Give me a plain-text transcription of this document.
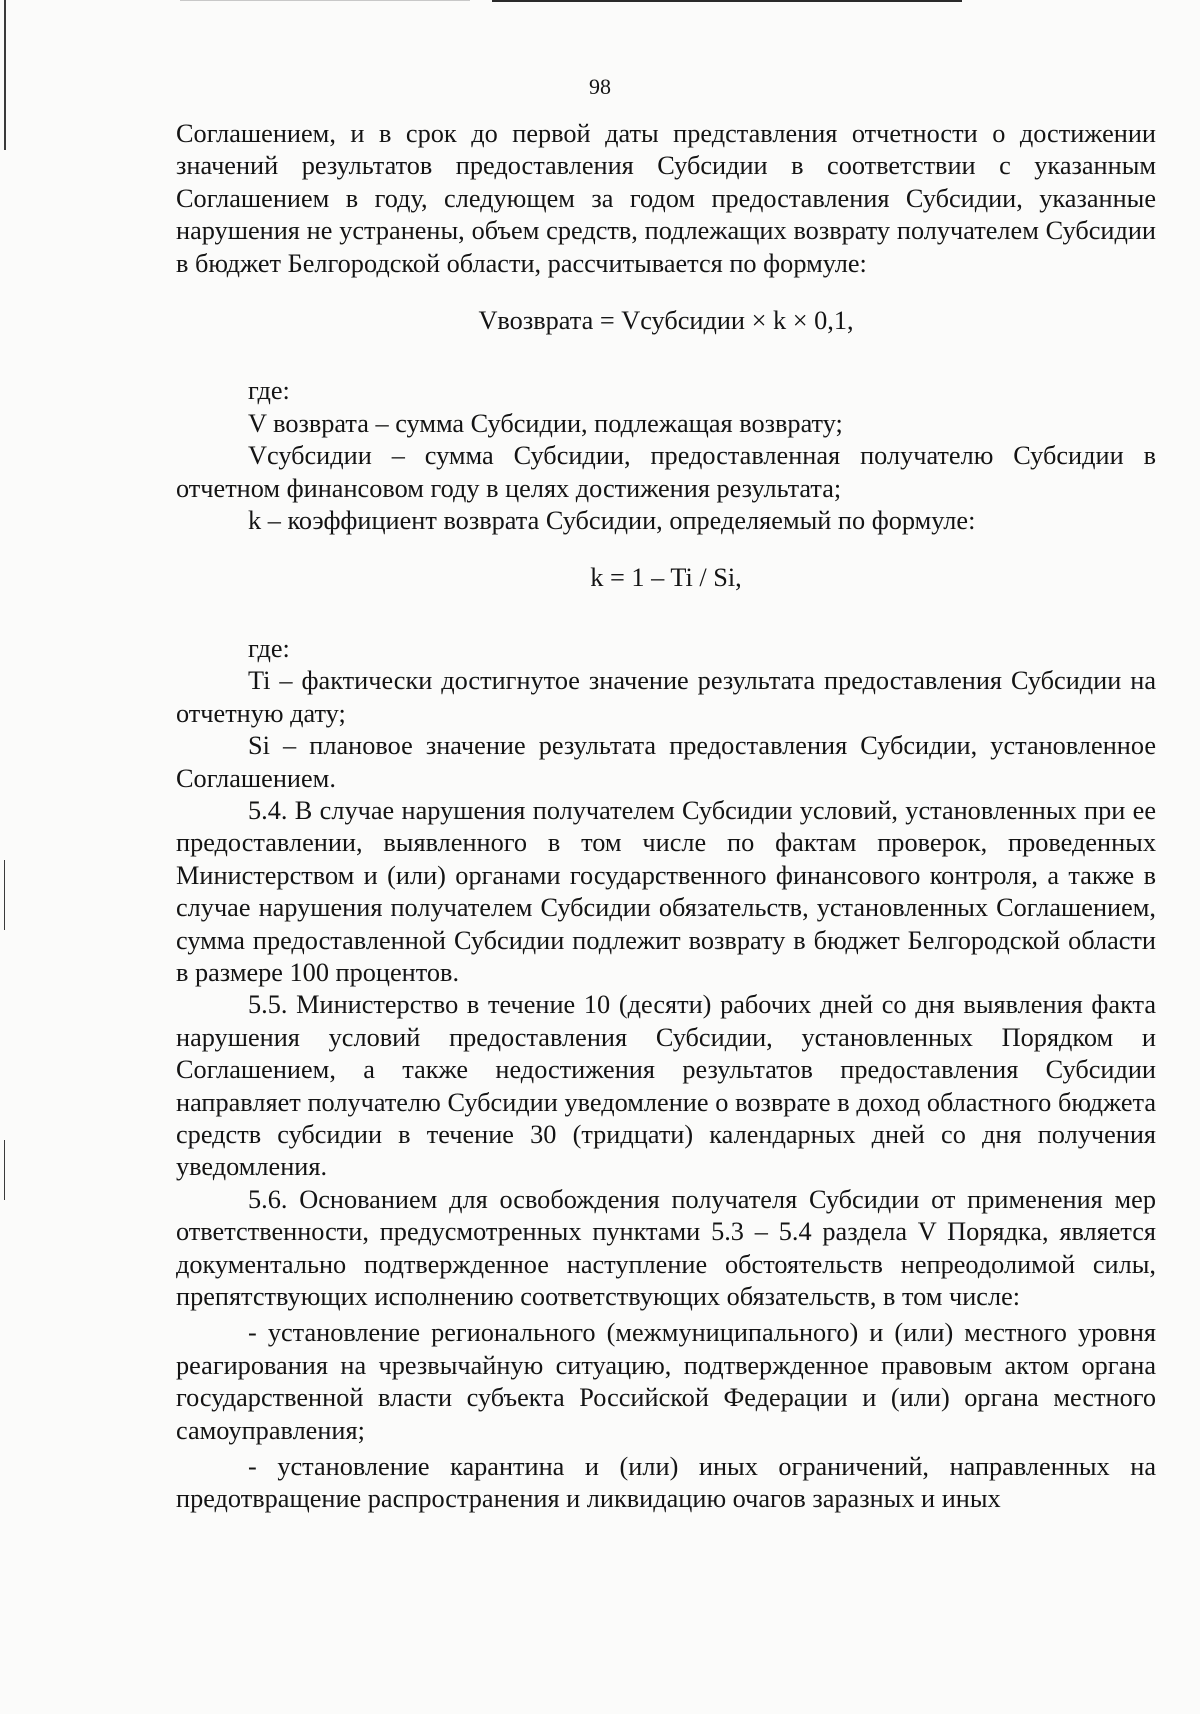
98

Соглашением, и в срок до первой даты представления отчетности о достижении значений результатов предоставления Субсидии в соответствии с указанным Соглашением в году, следующем за годом предоставления Субсидии, указанные нарушения не устранены, объем средств, подлежащих возврату получателем Субсидии в бюджет Белгородской области, рассчитывается по формуле:

Vвозврата = Vсубсидии × k × 0,1,

где:

V возврата – сумма Субсидии, подлежащая возврату;

Vсубсидии – сумма Субсидии, предоставленная получателю Субсидии в отчетном финансовом году в целях достижения результата;

k – коэффициент возврата Субсидии, определяемый по формуле:

k = 1 – Ti / Si,

где:

Ti – фактически достигнутое значение результата предоставления Субсидии на отчетную дату;

Si – плановое значение результата предоставления Субсидии, установленное Соглашением.

5.4. В случае нарушения получателем Субсидии условий, установленных при ее предоставлении, выявленного в том числе по фактам проверок, проведенных Министерством и (или) органами государственного финансового контроля, а также в случае нарушения получателем Субсидии обязательств, установленных Соглашением, сумма предоставленной Субсидии подлежит возврату в бюджет Белгородской области в размере 100 процентов.

5.5. Министерство в течение 10 (десяти) рабочих дней со дня выявления факта нарушения условий предоставления Субсидии, установленных Порядком и Соглашением, а также недостижения результатов предоставления Субсидии направляет получателю Субсидии уведомление о возврате в доход областного бюджета средств субсидии в течение 30 (тридцати) календарных дней со дня получения уведомления.

5.6. Основанием для освобождения получателя Субсидии от применения мер ответственности, предусмотренных пунктами 5.3 – 5.4 раздела V Порядка, является документально подтвержденное наступление обстоятельств непреодолимой силы, препятствующих исполнению соответствующих обязательств, в том числе:

- установление регионального (межмуниципального) и (или) местного уровня реагирования на чрезвычайную ситуацию, подтвержденное правовым актом органа государственной власти субъекта Российской Федерации и (или) органа местного самоуправления;

- установление карантина и (или) иных ограничений, направленных на предотвращение распространения и ликвидацию очагов заразных и иных
